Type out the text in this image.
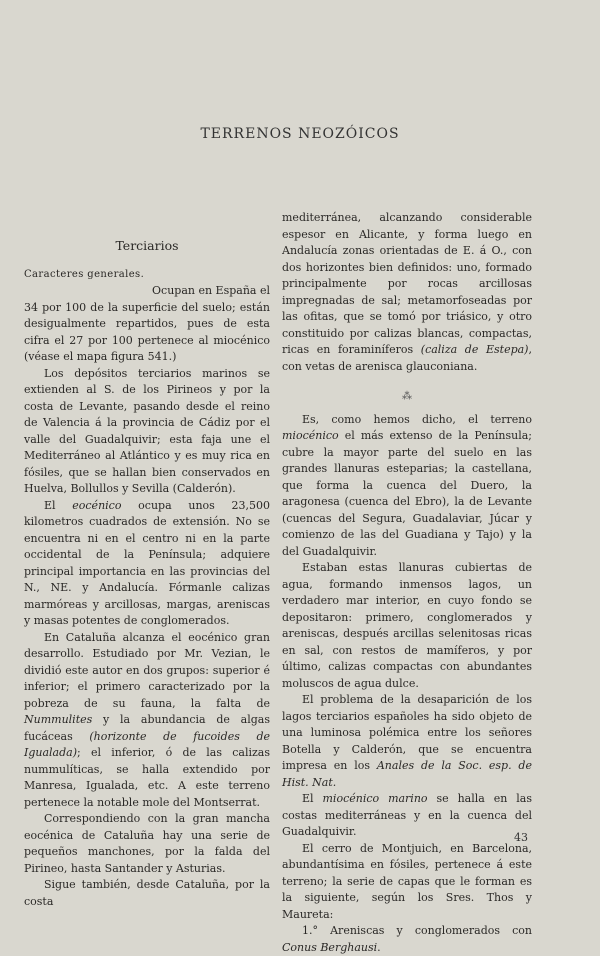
TERRENOS NEOZÓICOS
Terciarios
Caracteres generales.

Ocupan en España el

34 por 100 de la superficie del suelo; están desigualmente repartidos, pues de esta cifra el 27 por 100 pertenece al miocénico (véase el mapa figura 541.)

Los depósitos terciarios marinos se extienden al S. de los Pirineos y por la costa de Levante, pasando desde el reino de Valencia á la provincia de Cádiz por el valle del Guadalquivir; esta faja une el Mediterráneo al Atlántico y es muy rica en fósiles, que se hallan bien conservados en Huelva, Bollullos y Sevilla (Calderón).

El eocénico ocupa unos 23,500 kilometros cuadrados de extensión. No se encuentra ni en el centro ni en la parte occidental de la Península; adquiere principal importancia en las provincias del N., NE. y Andalucía. Fórmanle calizas marmóreas y arcillosas, margas, areniscas y masas potentes de conglomerados.

En Cataluña alcanza el eocénico gran desarrollo. Estudiado por Mr. Vezian, le dividió este autor en dos grupos: superior é inferior; el primero caracterizado por la pobreza de su fauna, la falta de Nummulites y la abundancia de algas fucáceas (horizonte de fucoides de Igualada); el inferior, ó de las calizas nummulíticas, se halla extendido por Manresa, Igualada, etc. A este terreno pertenece la notable mole del Montserrat.

Correspondiendo con la gran mancha eocénica de Cataluña hay una serie de pequeños manchones, por la falda del Pirineo, hasta Santander y Asturias.

Sigue también, desde Cataluña, por la costa

mediterránea, alcanzando considerable espesor en Alicante, y forma luego en Andalucía zonas orientadas de E. á O., con dos horizontes bien definidos: uno, formado principalmente por rocas arcillosas impregnadas de sal; metamorfoseadas por las ofitas, que se tomó por triásico, y otro constituido por calizas blancas, compactas, ricas en foraminíferos (caliza de Estepa), con vetas de arenisca glauconiana.

⁂

Es, como hemos dicho, el terreno miocénico el más extenso de la Península; cubre la mayor parte del suelo en las grandes llanuras esteparias; la castellana, que forma la cuenca del Duero, la aragonesa (cuenca del Ebro), la de Levante (cuencas del Segura, Guadalaviar, Júcar y comienzo de las del Guadiana y Tajo) y la del Guadalquivir.

Estaban estas llanuras cubiertas de agua, formando inmensos lagos, un verdadero mar interior, en cuyo fondo se depositaron: primero, conglomerados y areniscas, después arcillas selenitosas ricas en sal, con restos de mamíferos, y por último, calizas compactas con abundantes moluscos de agua dulce.

El problema de la desaparición de los lagos terciarios españoles ha sido objeto de una luminosa polémica entre los señores Botella y Calderón, que se encuentra impresa en los Anales de la Soc. esp. de Hist. Nat.

El miocénico marino se halla en las costas mediterráneas y en la cuenca del Guadalquivir.

El cerro de Montjuich, en Barcelona, abundantísima en fósiles, pertenece á este terreno; la serie de capas que le forman es la siguiente, según los Sres. Thos y Maureta:

1.° Areniscas y conglomerados con Conus Berghausi.

43
